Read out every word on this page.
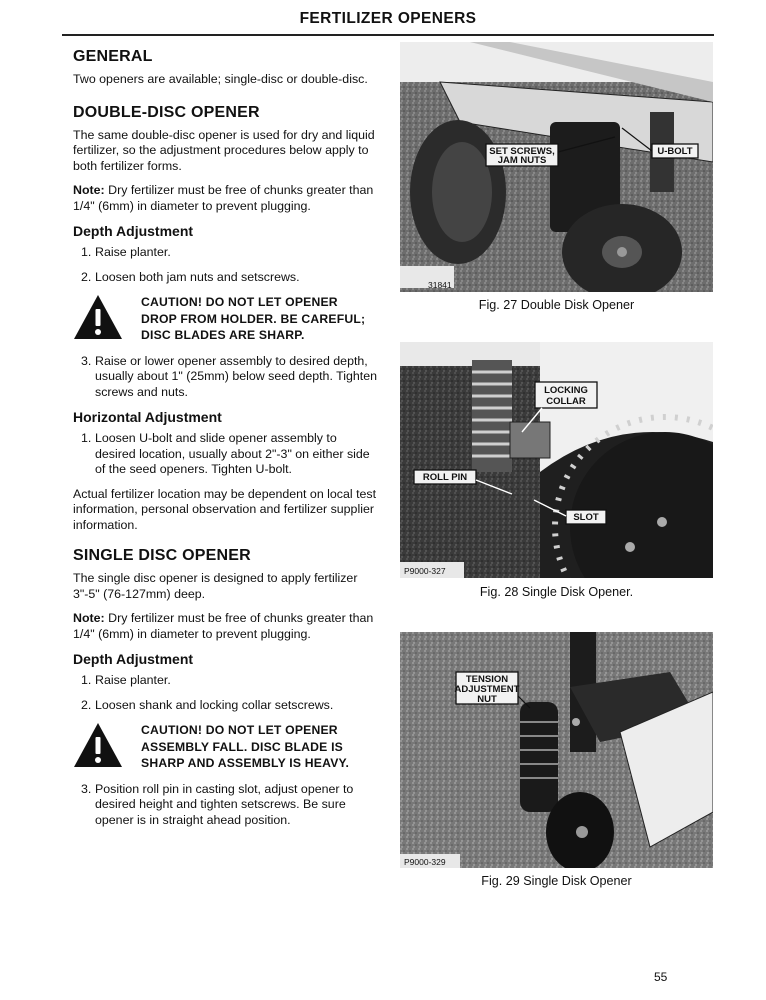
FERTILIZER OPENERS
GENERAL
Two openers are available; single-disc or double-disc.
DOUBLE-DISC OPENER
The same double-disc opener is used for dry and liquid fertilizer, so the adjustment procedures below apply to both fertilizer forms.
Note: Dry fertilizer must be free of chunks greater than 1/4" (6mm) in diameter to prevent plugging.
Depth Adjustment
1. Raise planter.
2. Loosen both jam nuts and setscrews.
CAUTION! DO NOT LET OPENER
DROP FROM HOLDER. BE CAREFUL;
DISC BLADES ARE SHARP.
3. Raise or lower opener assembly to desired depth, usually about 1" (25mm) below seed depth. Tighten screws and nuts.
Horizontal Adjustment
1. Loosen U-bolt and slide opener assembly to desired location, usually about 2"-3" on either side of the seed openers. Tighten U-bolt.
Actual fertilizer location may be dependent on local test information, personal observation and fertilizer supplier information.
SINGLE DISC OPENER
The single disc opener is designed to apply fertilizer 3"-5" (76-127mm) deep.
Note: Dry fertilizer must be free of chunks greater than 1/4" (6mm) in diameter to prevent plugging.
Depth Adjustment
1. Raise planter.
2. Loosen shank and locking collar setscrews.
CAUTION! DO NOT LET OPENER
ASSEMBLY FALL. DISC BLADE IS
SHARP AND ASSEMBLY IS HEAVY.
3. Position roll pin in casting slot, adjust opener to desired height and tighten setscrews. Be sure opener is in straight ahead position.
SET SCREWS,
JAM NUTS
U-BOLT
31841
Fig. 27 Double Disk Opener
LOCKING
COLLAR
ROLL PIN
SLOT
P9000-327
Fig. 28 Single Disk Opener.
TENSION
ADJUSTMENT
NUT
P9000-329
Fig. 29 Single Disk Opener
55
